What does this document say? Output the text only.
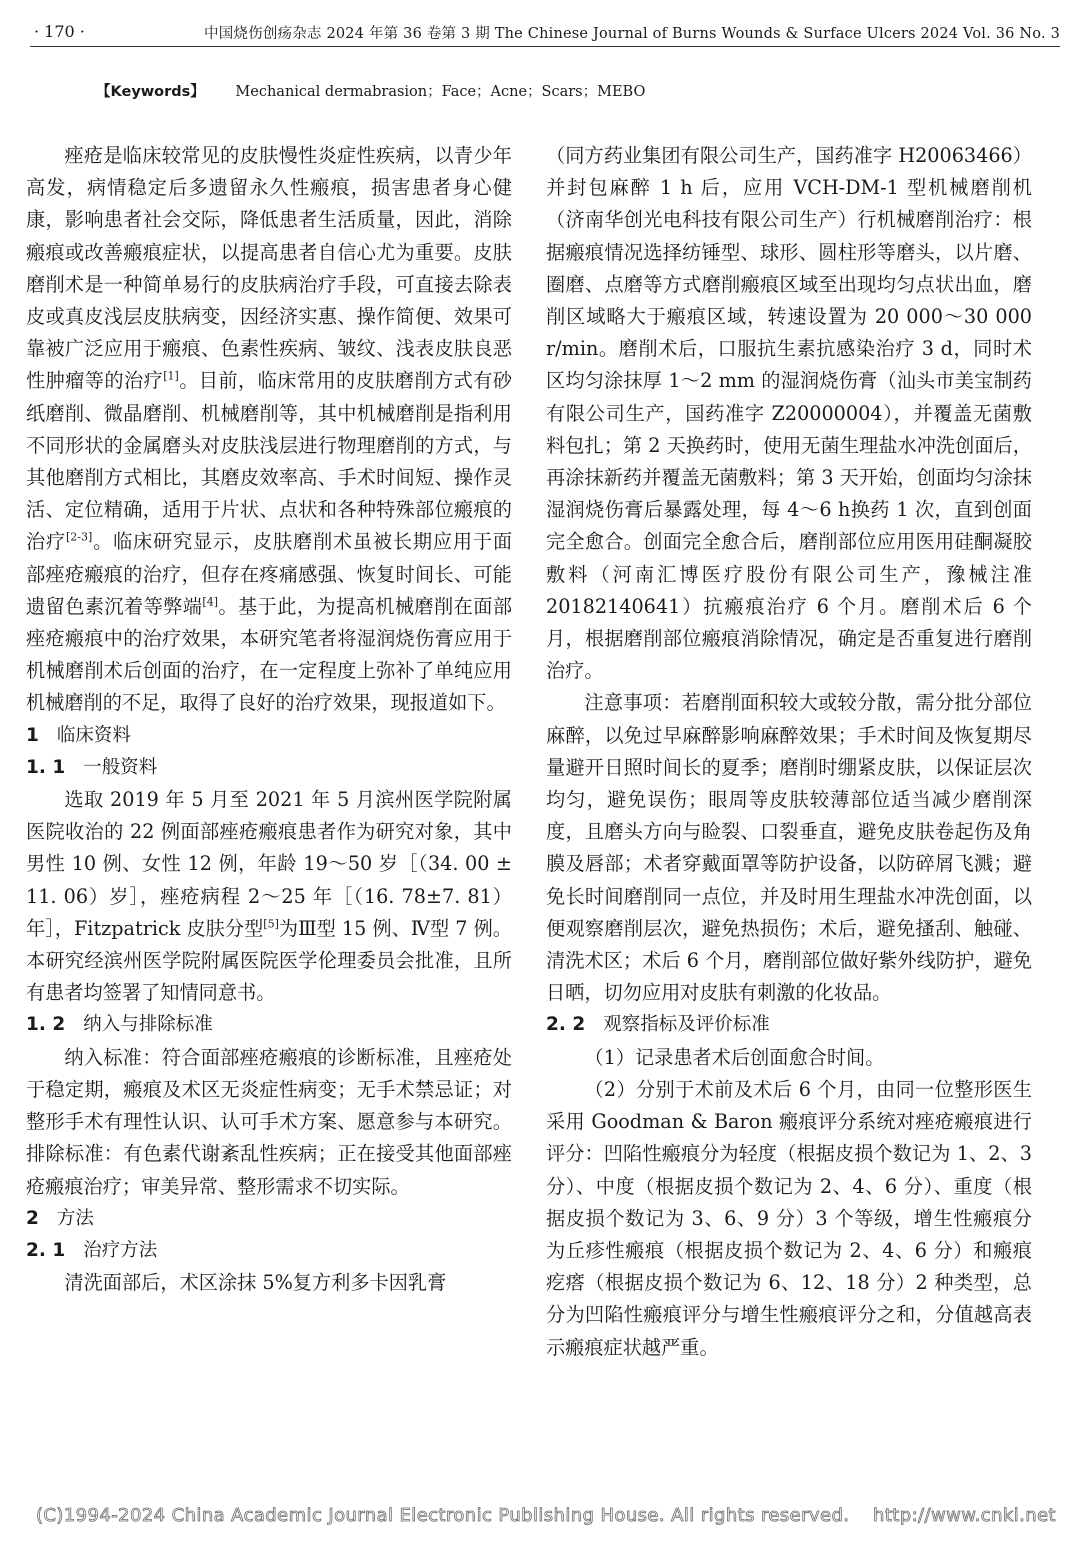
· 170 ·	中国烧伤创疡杂志 2024 年第 36 卷第 3 期 The Chinese Journal of Burns Wounds & Surface Ulcers 2024 Vol. 36 No. 3
【Keywords】 Mechanical dermabrasion；Face；Acne；Scars；MEBO

痤疮是临床较常见的皮肤慢性炎症性疾病，以青少年高发，病情稳定后多遗留永久性瘢痕，损害患者身心健康，影响患者社会交际，降低患者生活质量，因此，消除瘢痕或改善瘢痕症状，以提高患者自信心尤为重要。皮肤磨削术是一种简单易行的皮肤病治疗手段，可直接去除表皮或真皮浅层皮肤病变，因经济实惠、操作简便、效果可靠被广泛应用于瘢痕、色素性疾病、皱纹、浅表皮肤良恶性肿瘤等的治疗[1]。目前，临床常用的皮肤磨削方式有砂纸磨削、微晶磨削、机械磨削等，其中机械磨削是指利用不同形状的金属磨头对皮肤浅层进行物理磨削的方式，与其他磨削方式相比，其磨皮效率高、手术时间短、操作灵活、定位精确，适用于片状、点状和各种特殊部位瘢痕的治疗[2-3]。临床研究显示，皮肤磨削术虽被长期应用于面部痤疮瘢痕的治疗，但存在疼痛感强、恢复时间长、可能遗留色素沉着等弊端[4]。基于此，为提高机械磨削在面部痤疮瘢痕中的治疗效果，本研究笔者将湿润烧伤膏应用于机械磨削术后创面的治疗，在一定程度上弥补了单纯应用机械磨削的不足，取得了良好的治疗效果，现报道如下。

1 临床资料
1. 1 一般资料

选取 2019 年 5 月至 2021 年 5 月滨州医学院附属医院收治的 22 例面部痤疮瘢痕患者作为研究对象，其中男性 10 例、女性 12 例，年龄 19～50 岁［（34. 00 ± 11. 06）岁］，痤疮病程 2～25 年［（16. 78±7. 81）年］，Fitzpatrick 皮肤分型[5]为Ⅲ型 15 例、Ⅳ型 7 例。本研究经滨州医学院附属医院医学伦理委员会批准，且所有患者均签署了知情同意书。

1. 2 纳入与排除标准

纳入标准：符合面部痤疮瘢痕的诊断标准，且痤疮处于稳定期，瘢痕及术区无炎症性病变；无手术禁忌证；对整形手术有理性认识、认可手术方案、愿意参与本研究。排除标准：有色素代谢紊乱性疾病；正在接受其他面部痤疮瘢痕治疗；审美异常、整形需求不切实际。

2 方法
2. 1 治疗方法

清洗面部后，术区涂抹 5%复方利多卡因乳膏

（同方药业集团有限公司生产，国药准字 H20063466）并封包麻醉 1 h 后，应用 VCH-DM-1 型机械磨削机（济南华创光电科技有限公司生产）行机械磨削治疗：根据瘢痕情况选择纺锤型、球形、圆柱形等磨头，以片磨、圈磨、点磨等方式磨削瘢痕区域至出现均匀点状出血，磨削区域略大于瘢痕区域，转速设置为 20 000～30 000 r/min。磨削术后，口服抗生素抗感染治疗 3 d，同时术区均匀涂抹厚 1～2 mm 的湿润烧伤膏（汕头市美宝制药有限公司生产，国药准字 Z20000004），并覆盖无菌敷料包扎；第 2 天换药时，使用无菌生理盐水冲洗创面后，再涂抹新药并覆盖无菌敷料；第 3 天开始，创面均匀涂抹湿润烧伤膏后暴露处理，每 4～6 h换药 1 次，直到创面完全愈合。创面完全愈合后，磨削部位应用医用硅酮凝胶敷料（河南汇博医疗股份有限公司生产，豫械注准 20182140641）抗瘢痕治疗 6 个月。磨削术后 6 个月，根据磨削部位瘢痕消除情况，确定是否重复进行磨削治疗。

注意事项：若磨削面积较大或较分散，需分批分部位麻醉，以免过早麻醉影响麻醉效果；手术时间及恢复期尽量避开日照时间长的夏季；磨削时绷紧皮肤，以保证层次均匀，避免误伤；眼周等皮肤较薄部位适当减少磨削深度，且磨头方向与睑裂、口裂垂直，避免皮肤卷起伤及角膜及唇部；术者穿戴面罩等防护设备，以防碎屑飞溅；避免长时间磨削同一点位，并及时用生理盐水冲洗创面，以便观察磨削层次，避免热损伤；术后，避免搔刮、触碰、清洗术区；术后 6 个月，磨削部位做好紫外线防护，避免日晒，切勿应用对皮肤有刺激的化妆品。

2. 2 观察指标及评价标准

（1）记录患者术后创面愈合时间。

（2）分别于术前及术后 6 个月，由同一位整形医生采用 Goodman & Baron 瘢痕评分系统对痤疮瘢痕进行评分：凹陷性瘢痕分为轻度（根据皮损个数记为 1、2、3 分）、中度（根据皮损个数记为 2、4、6 分）、重度（根据皮损个数记为 3、6、9 分）3 个等级，增生性瘢痕分为丘疹性瘢痕（根据皮损个数记为 2、4、6 分）和瘢痕疙瘩（根据皮损个数记为 6、12、18 分）2 种类型，总分为凹陷性瘢痕评分与增生性瘢痕评分之和，分值越高表示瘢痕症状越严重。

(C)1994-2024 China Academic Journal Electronic Publishing House. All rights reserved. http://www.cnki.net
